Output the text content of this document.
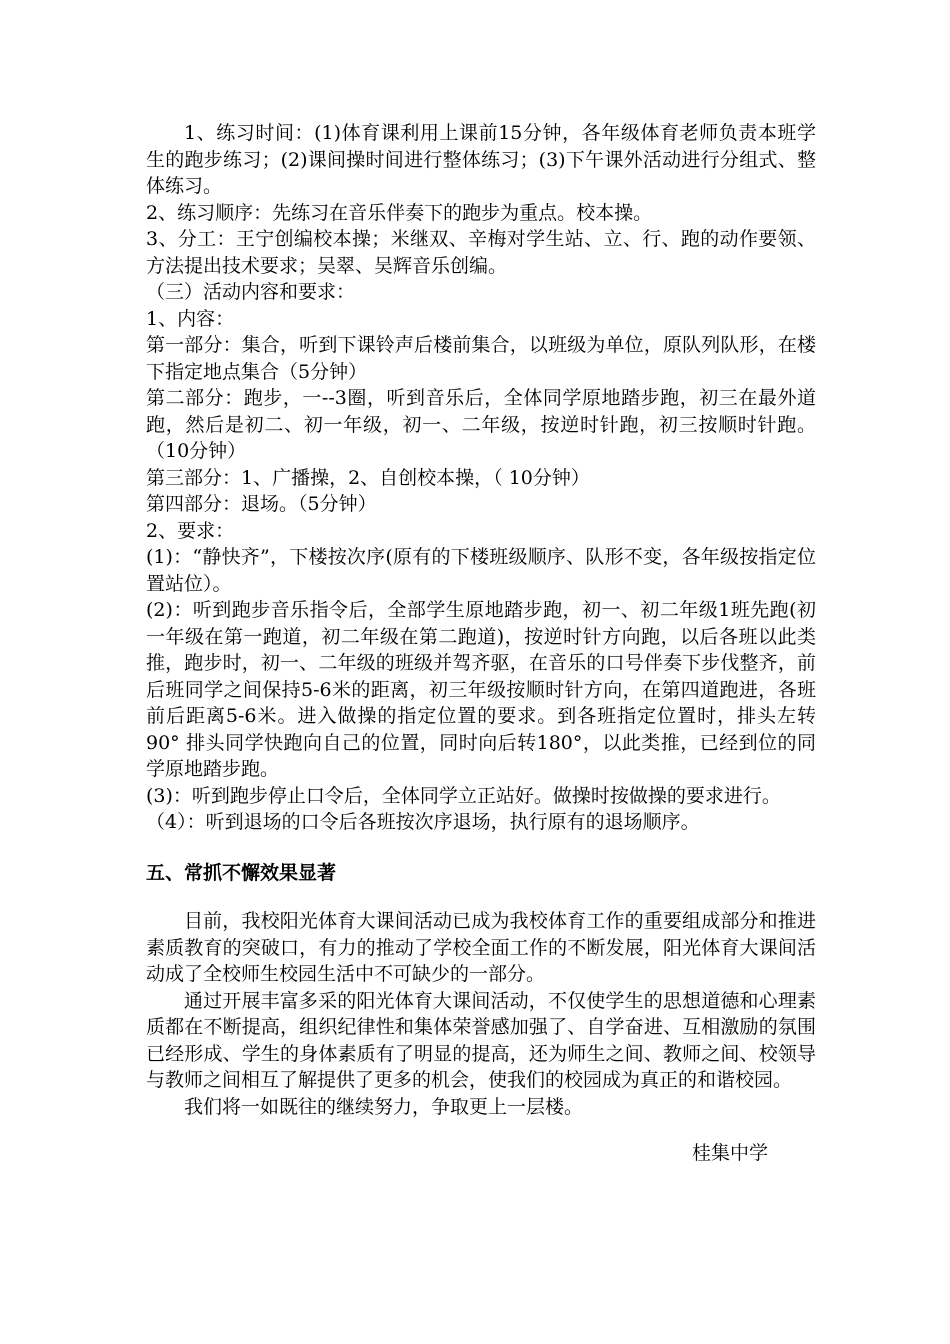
1、练习时间：(1)体育课利用上课前15分钟，各年级体育老师负责本班学生的跑步练习；(2)课间操时间进行整体练习；(3)下午课外活动进行分组式、整体练习。

2、练习顺序：先练习在音乐伴奏下的跑步为重点。校本操。

3、分工：王宁创编校本操；米继双、辛梅对学生站、立、行、跑的动作要领、方法提出技术要求；吴翠、吴辉音乐创编。

（三）活动内容和要求：

1、内容：

第一部分：集合，听到下课铃声后楼前集合，以班级为单位，原队列队形，在楼下指定地点集合（5分钟）

第二部分：跑步，一--3圈，听到音乐后，全体同学原地踏步跑，初三在最外道跑，然后是初二、初一年级，初一、二年级，按逆时针跑，初三按顺时针跑。（10分钟）

第三部分：1、广播操，2、自创校本操，（ 10分钟）

第四部分：退场。（5分钟）

2、要求：

(1)：“静快齐”，下楼按次序(原有的下楼班级顺序、队形不变，各年级按指定位置站位）。

(2)：听到跑步音乐指令后，全部学生原地踏步跑，初一、初二年级1班先跑(初一年级在第一跑道，初二年级在第二跑道)，按逆时针方向跑，以后各班以此类推，跑步时，初一、二年级的班级并驾齐驱，在音乐的口号伴奏下步伐整齐，前后班同学之间保持5-6米的距离，初三年级按顺时针方向，在第四道跑进，各班前后距离5-6米。进入做操的指定位置的要求。到各班指定位置时，排头左转90° 排头同学快跑向自己的位置，同时向后转180°，以此类推，已经到位的同学原地踏步跑。

(3)：听到跑步停止口令后，全体同学立正站好。做操时按做操的要求进行。

（4）：听到退场的口令后各班按次序退场，执行原有的退场顺序。

五、常抓不懈效果显著

目前，我校阳光体育大课间活动已成为我校体育工作的重要组成部分和推进素质教育的突破口，有力的推动了学校全面工作的不断发展，阳光体育大课间活动成了全校师生校园生活中不可缺少的一部分。

通过开展丰富多采的阳光体育大课间活动，不仅使学生的思想道德和心理素质都在不断提高，组织纪律性和集体荣誉感加强了、自学奋进、互相激励的氛围已经形成、学生的身体素质有了明显的提高，还为师生之间、教师之间、校领导与教师之间相互了解提供了更多的机会，使我们的校园成为真正的和谐校园。

我们将一如既往的继续努力，争取更上一层楼。

桂集中学
